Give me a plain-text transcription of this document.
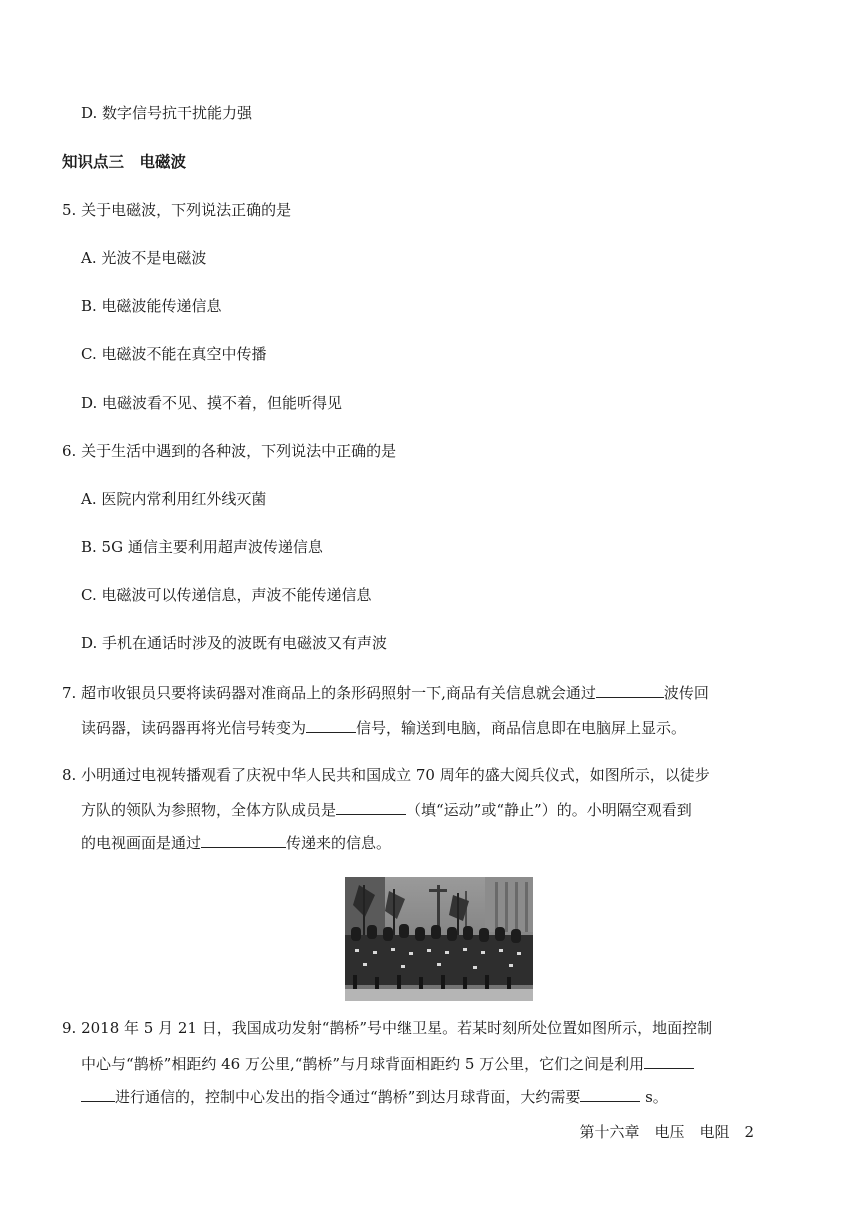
D. 数字信号抗干扰能力强
知识点三　电磁波
5. 关于电磁波，下列说法正确的是
A. 光波不是电磁波
B. 电磁波能传递信息
C. 电磁波不能在真空中传播
D. 电磁波看不见、摸不着，但能听得见
6. 关于生活中遇到的各种波，下列说法中正确的是
A. 医院内常利用红外线灭菌
B. 5G 通信主要利用超声波传递信息
C. 电磁波可以传递信息，声波不能传递信息
D. 手机在通话时涉及的波既有电磁波又有声波
7. 超市收银员只要将读码器对准商品上的条形码照射一下,商品有关信息就会通过	波传回
读码器，读码器再将光信号转变为	信号，输送到电脑，商品信息即在电脑屏上显示。
8. 小明通过电视转播观看了庆祝中华人民共和国成立 70 周年的盛大阅兵仪式，如图所示，以徒步
方队的领队为参照物，全体方队成员是	（填“运动”或“静止”）的。小明隔空观看到
的电视画面是通过	传递来的信息。
9. 2018 年 5 月 21 日，我国成功发射“鹊桥”号中继卫星。若某时刻所处位置如图所示，地面控制
中心与“鹊桥”相距约 46 万公里,“鹊桥”与月球背面相距约 5 万公里，它们之间是利用
进行通信的，控制中心发出的指令通过“鹊桥”到达月球背面，大约需要	s。
第十六章　电压　电阻　2
